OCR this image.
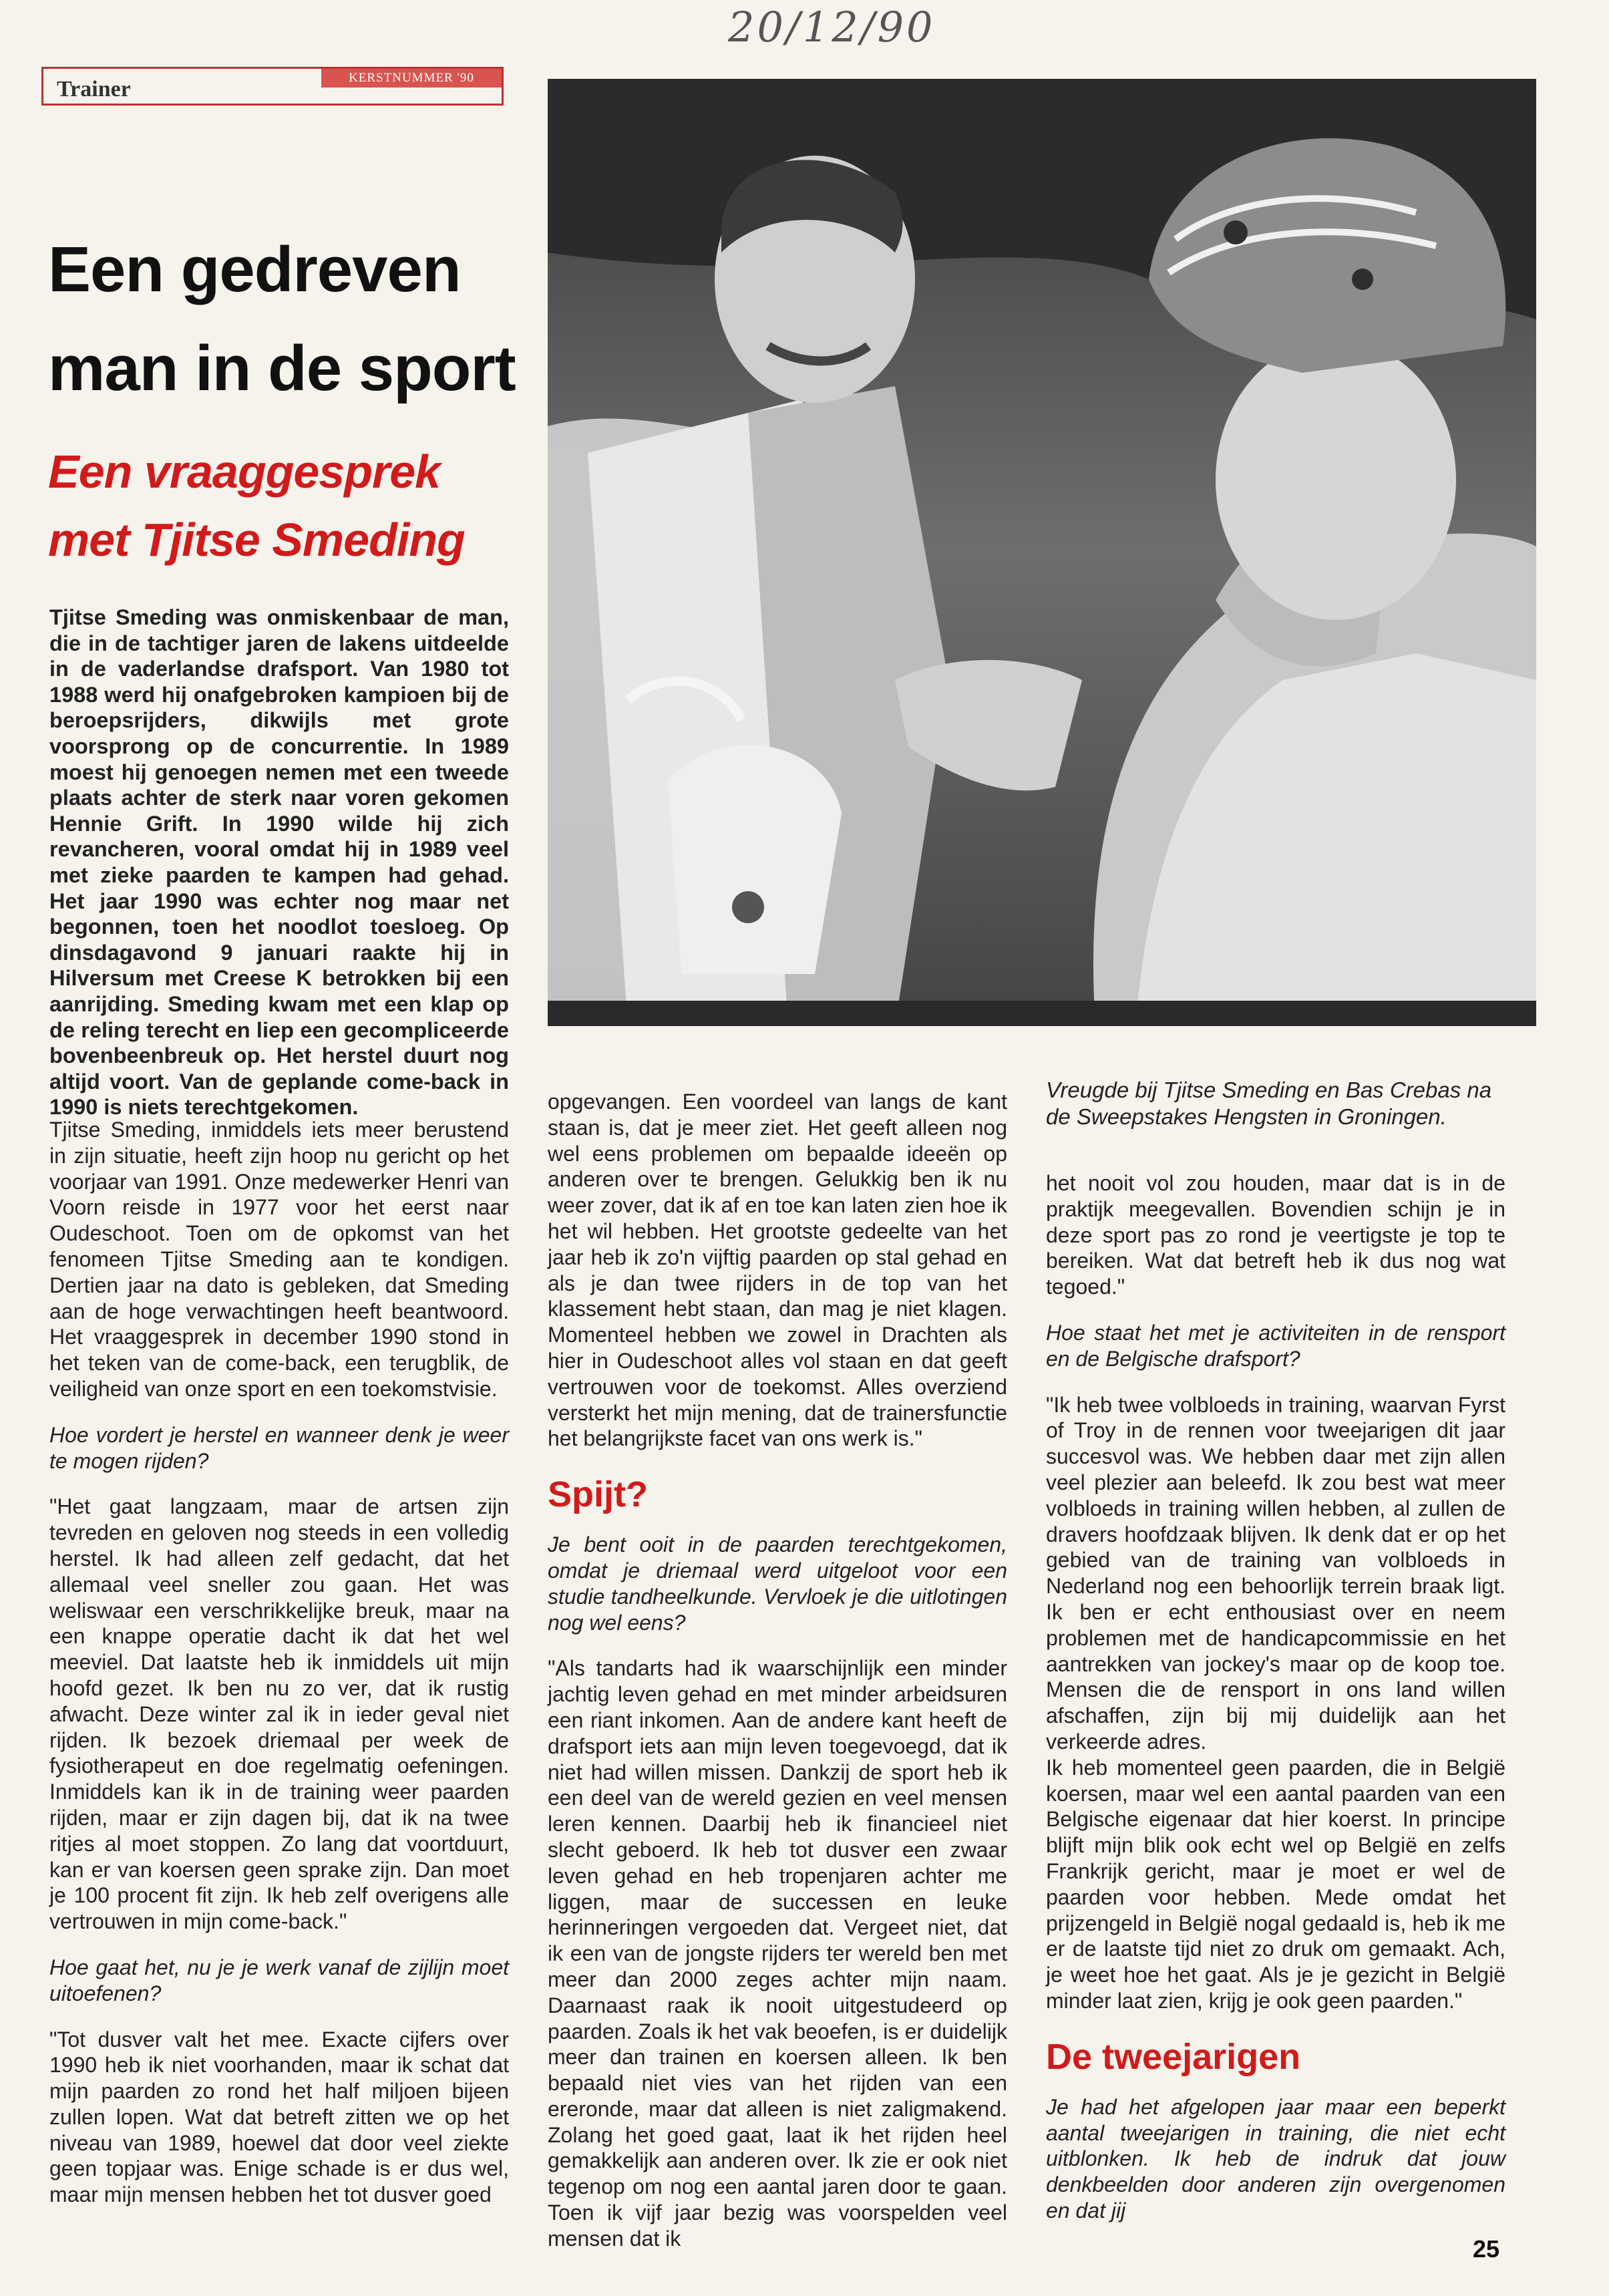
20/12/90
KERSTNUMMER '90
Trainer
Een gedreven
man in de sport
Een vraaggesprek
met Tjitse Smeding
Tjitse Smeding was onmiskenbaar de man, die in de tachtiger jaren de lakens uitdeelde in de vaderlandse drafsport. Van 1980 tot 1988 werd hij onafgebroken kampioen bij de beroepsrijders, dikwijls met grote voorsprong op de concurrentie. In 1989 moest hij genoegen nemen met een tweede plaats achter de sterk naar voren gekomen Hennie Grift. In 1990 wilde hij zich revancheren, vooral omdat hij in 1989 veel met zieke paarden te kampen had gehad. Het jaar 1990 was echter nog maar net begonnen, toen het noodlot toesloeg. Op dinsdagavond 9 januari raakte hij in Hilversum met Creese K betrokken bij een aanrijding. Smeding kwam met een klap op de reling terecht en liep een gecompliceerde bovenbeenbreuk op. Het herstel duurt nog altijd voort. Van de geplande come-back in 1990 is niets terechtgekomen.

Tjitse Smeding, inmiddels iets meer berustend in zijn situatie, heeft zijn hoop nu gericht op het voorjaar van 1991. Onze medewerker Henri van Voorn reisde in 1977 voor het eerst naar Oudeschoot. Toen om de opkomst van het fenomeen Tjitse Smeding aan te kondigen. Dertien jaar na dato is gebleken, dat Smeding aan de hoge verwachtingen heeft beantwoord. Het vraaggesprek in december 1990 stond in het teken van de come-back, een terugblik, de veiligheid van onze sport en een toekomstvisie.

Hoe vordert je herstel en wanneer denk je weer te mogen rijden?

"Het gaat langzaam, maar de artsen zijn tevreden en geloven nog steeds in een volledig herstel. Ik had alleen zelf gedacht, dat het allemaal veel sneller zou gaan. Het was weliswaar een verschrikkelijke breuk, maar na een knappe operatie dacht ik dat het wel meeviel. Dat laatste heb ik inmiddels uit mijn hoofd gezet. Ik ben nu zo ver, dat ik rustig afwacht. Deze winter zal ik in ieder geval niet rijden. Ik bezoek driemaal per week de fysiotherapeut en doe regelmatig oefeningen. Inmiddels kan ik in de training weer paarden rijden, maar er zijn dagen bij, dat ik na twee ritjes al moet stoppen. Zo lang dat voortduurt, kan er van koersen geen sprake zijn. Dan moet je 100 procent fit zijn. Ik heb zelf overigens alle vertrouwen in mijn come-back."

Hoe gaat het, nu je je werk vanaf de zijlijn moet uitoefenen?

"Tot dusver valt het mee. Exacte cijfers over 1990 heb ik niet voorhanden, maar ik schat dat mijn paarden zo rond het half miljoen bijeen zullen lopen. Wat dat betreft zitten we op het niveau van 1989, hoewel dat door veel ziekte geen topjaar was. Enige schade is er dus wel, maar mijn mensen hebben het tot dusver goed

opgevangen. Een voordeel van langs de kant staan is, dat je meer ziet. Het geeft alleen nog wel eens problemen om bepaalde ideeën op anderen over te brengen. Gelukkig ben ik nu weer zover, dat ik af en toe kan laten zien hoe ik het wil hebben. Het grootste gedeelte van het jaar heb ik zo'n vijftig paarden op stal gehad en als je dan twee rijders in de top van het klassement hebt staan, dan mag je niet klagen. Momenteel hebben we zowel in Drachten als hier in Oudeschoot alles vol staan en dat geeft vertrouwen voor de toekomst. Alles overziend versterkt het mijn mening, dat de trainersfunctie het belangrijkste facet van ons werk is."

Spijt?

Je bent ooit in de paarden terechtgekomen, omdat je driemaal werd uitgeloot voor een studie tandheelkunde. Vervloek je die uitlotingen nog wel eens?

"Als tandarts had ik waarschijnlijk een minder jachtig leven gehad en met minder arbeidsuren een riant inkomen. Aan de andere kant heeft de drafsport iets aan mijn leven toegevoegd, dat ik niet had willen missen. Dankzij de sport heb ik een deel van de wereld gezien en veel mensen leren kennen. Daarbij heb ik financieel niet slecht geboerd. Ik heb tot dusver een zwaar leven gehad en heb tropenjaren achter me liggen, maar de successen en leuke herinneringen vergoeden dat. Vergeet niet, dat ik een van de jongste rijders ter wereld ben met meer dan 2000 zeges achter mijn naam. Daarnaast raak ik nooit uitgestudeerd op paarden. Zoals ik het vak beoefen, is er duidelijk meer dan trainen en koersen alleen. Ik ben bepaald niet vies van het rijden van een ereronde, maar dat alleen is niet zaligmakend. Zolang het goed gaat, laat ik het rijden heel gemakkelijk aan anderen over. Ik zie er ook niet tegenop om nog een aantal jaren door te gaan. Toen ik vijf jaar bezig was voorspelden veel mensen dat ik

Vreugde bij Tjitse Smeding en Bas Crebas na de Sweepstakes Hengsten in Groningen.

het nooit vol zou houden, maar dat is in de praktijk meegevallen. Bovendien schijn je in deze sport pas zo rond je veertigste je top te bereiken. Wat dat betreft heb ik dus nog wat tegoed."

Hoe staat het met je activiteiten in de rensport en de Belgische drafsport?

"Ik heb twee volbloeds in training, waarvan Fyrst of Troy in de rennen voor tweejarigen dit jaar succesvol was. We hebben daar met zijn allen veel plezier aan beleefd. Ik zou best wat meer volbloeds in training willen hebben, al zullen de dravers hoofdzaak blijven. Ik denk dat er op het gebied van de training van volbloeds in Nederland nog een behoorlijk terrein braak ligt. Ik ben er echt enthousiast over en neem problemen met de handicapcommissie en het aantrekken van jockey's maar op de koop toe. Mensen die de rensport in ons land willen afschaffen, zijn bij mij duidelijk aan het verkeerde adres.

Ik heb momenteel geen paarden, die in België koersen, maar wel een aantal paarden van een Belgische eigenaar dat hier koerst. In principe blijft mijn blik ook echt wel op België en zelfs Frankrijk gericht, maar je moet er wel de paarden voor hebben. Mede omdat het prijzengeld in België nogal gedaald is, heb ik me er de laatste tijd niet zo druk om gemaakt. Ach, je weet hoe het gaat. Als je je gezicht in België minder laat zien, krijg je ook geen paarden."

De tweejarigen

Je had het afgelopen jaar maar een beperkt aantal tweejarigen in training, die niet echt uitblonken. Ik heb de indruk dat jouw denkbeelden door anderen zijn overgenomen en dat jij

25
